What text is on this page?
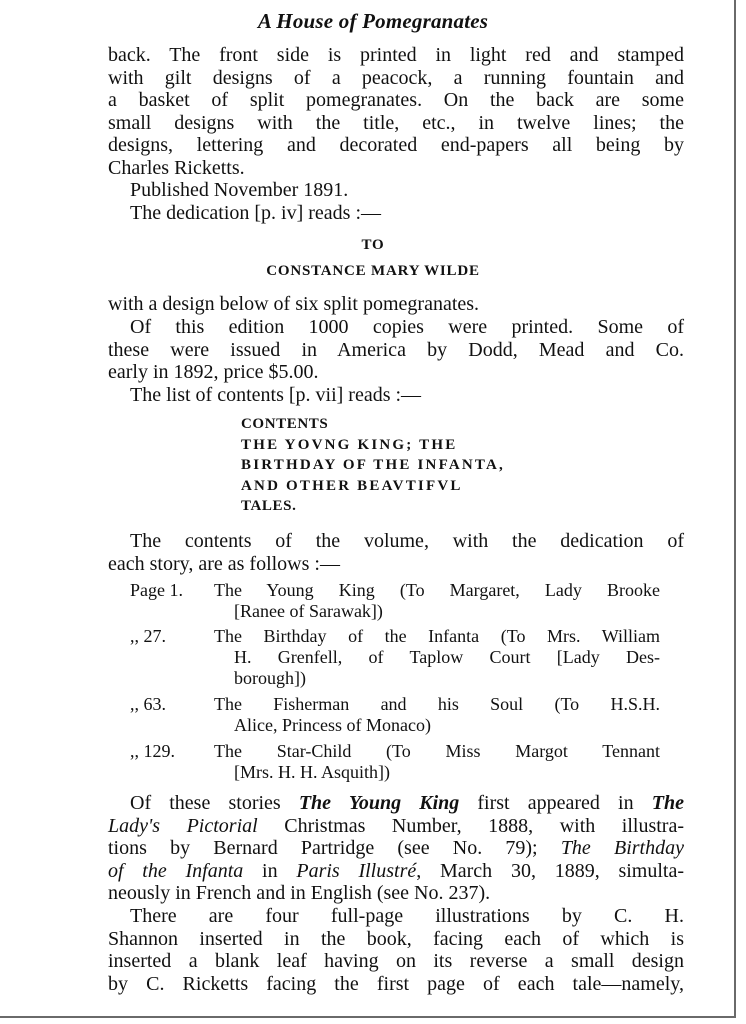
A House of Pomegranates
back. The front side is printed in light red and stamped
with gilt designs of a peacock, a running fountain and
a basket of split pomegranates. On the back are some
small designs with the title, etc., in twelve lines; the
designs, lettering and decorated end-papers all being by
Charles Ricketts.
Published November 1891.
The dedication [p. iv] reads :—
TO
CONSTANCE MARY WILDE
with a design below of six split pomegranates.
Of this edition 1000 copies were printed. Some of
these were issued in America by Dodd, Mead and Co.
early in 1892, price $5.00.
The list of contents [p. vii] reads :—
CONTENTS
THE YOVNG KING; THE
BIRTHDAY OF THE INFANTA,
AND OTHER BEAVTIFVL
TALES.
The contents of the volume, with the dedication of
each story, are as follows :—
Page 1. The Young King (To Margaret, Lady Brooke
[Ranee of Sarawak])
,, 27.	The Birthday of the Infanta (To Mrs. William
H. Grenfell, of Taplow Court [Lady Des-
borough])
,, 63.	The Fisherman and his Soul (To H.S.H.
Alice, Princess of Monaco)
,, 129. The Star-Child (To Miss Margot Tennant
[Mrs. H. H. Asquith])
Of these stories The Young King first appeared in The
Lady's Pictorial Christmas Number, 1888, with illustra-
tions by Bernard Partridge (see No. 79); The Birthday
of the Infanta in Paris Illustré, March 30, 1889, simulta-
neously in French and in English (see No. 237).
There are four full-page illustrations by C. H.
Shannon inserted in the book, facing each of which is
inserted a blank leaf having on its reverse a small design
by C. Ricketts facing the first page of each tale—namely,
